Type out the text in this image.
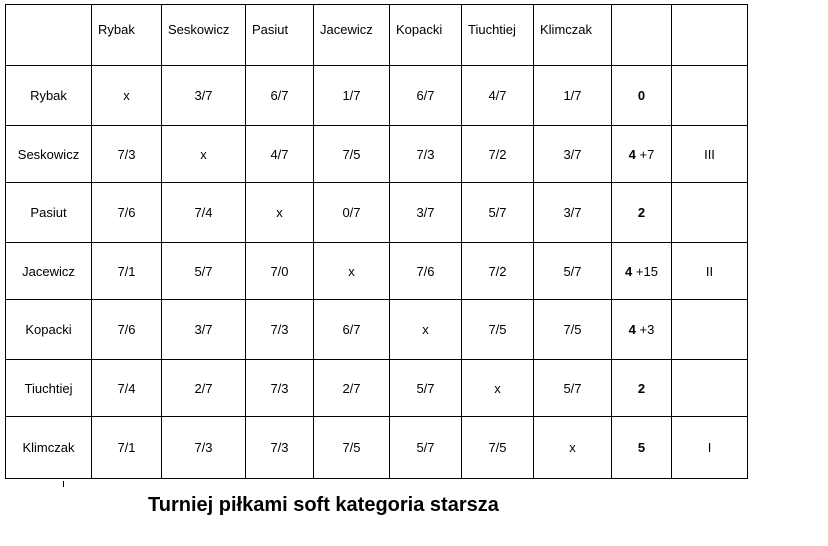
	Rybak	Seskowicz	Pasiut	Jacewicz	Kopacki	Tiuchtiej	Klimczak		
Rybak	x	3/7	6/7	1/7	6/7	4/7	1/7	0	
Seskowicz	7/3	x	4/7	7/5	7/3	7/2	3/7	4 +7	III
Pasiut	7/6	7/4	x	0/7	3/7	5/7	3/7	2	
Jacewicz	7/1	5/7	7/0	x	7/6	7/2	5/7	4 +15	II
Kopacki	7/6	3/7	7/3	6/7	x	7/5	7/5	4 +3	
Tiuchtiej	7/4	2/7	7/3	2/7	5/7	x	5/7	2	
Klimczak	7/1	7/3	7/3	7/5	5/7	7/5	x	5	I
Turniej piłkami soft kategoria starsza
